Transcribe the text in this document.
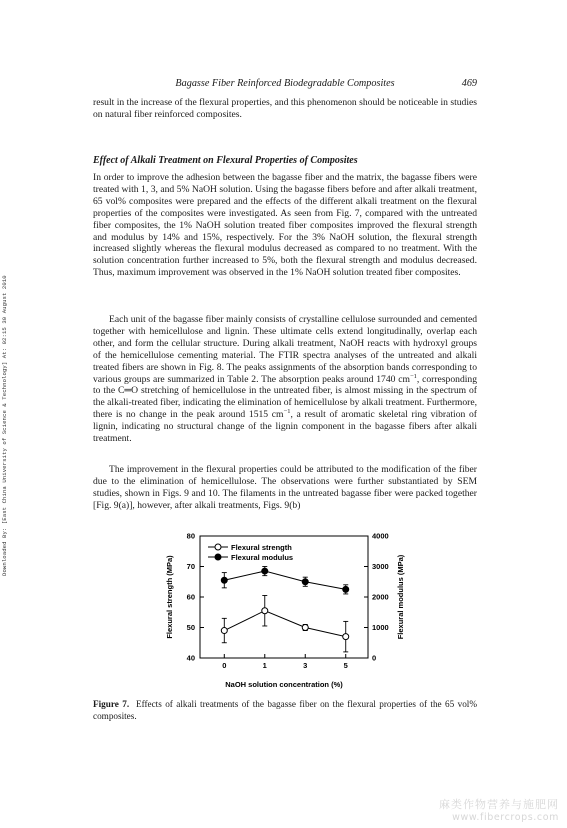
Downloaded By: [East China University of Science & Technology] At: 02:15 30 August 2010
Bagasse Fiber Reinforced Biodegradable Composites	469

result in the increase of the flexural properties, and this phenomenon should be noticeable in studies on natural fiber reinforced composites.

Effect of Alkali Treatment on Flexural Properties of Composites

In order to improve the adhesion between the bagasse fiber and the matrix, the bagasse fibers were treated with 1, 3, and 5% NaOH solution. Using the bagasse fibers before and after alkali treatment, 65 vol% composites were prepared and the effects of the different alkali treatment on the flexural properties of the composites were investigated. As seen from Fig. 7, compared with the untreated fiber composites, the 1% NaOH solution treated fiber composites improved the flexural strength and modulus by 14% and 15%, respectively. For the 3% NaOH solution, the flexural strength increased slightly whereas the flexural modulus decreased as compared to no treatment. With the solution concentration further increased to 5%, both the flexural strength and modulus decreased. Thus, maximum improvement was observed in the 1% NaOH solution treated fiber composites.

Each unit of the bagasse fiber mainly consists of crystalline cellulose surrounded and cemented together with hemicellulose and lignin. These ultimate cells extend longitudinally, overlap each other, and form the cellular structure. During alkali treatment, NaOH reacts with hydroxyl groups of the hemicellulose cementing material. The FTIR spectra analyses of the untreated and alkali treated fibers are shown in Fig. 8. The peaks assignments of the absorption bands corresponding to various groups are summarized in Table 2. The absorption peaks around 1740 $cm^{-1}$, corresponding to the C═O stretching of hemicellulose in the untreated fiber, is almost missing in the spectrum of the alkali-treated fiber, indicating the elimination of hemicellulose by alkali treatment. Furthermore, there is no change in the peak around 1515 $cm^{-1}$, a result of aromatic skeletal ring vibration of lignin, indicating no structural change of the lignin component in the bagasse fibers after alkali treatment.

The improvement in the flexural properties could be attributed to the modification of the fiber due to the elimination of hemicellulose. The observations were further substantiated by SEM studies, shown in Figs. 9 and 10. The filaments in the untreated bagasse fiber were packed together [Fig. 9(a)], however, after alkali treatments, Figs. 9(b)

40
50
60
70
80
0
1000
2000
3000
4000
0	1	3	5
Flexural strength
Flexural modulus
Flexural strength (MPa)	Flexural modulus (MPa)
NaOH solution concentration (%)
Figure 7. Effects of alkali treatments of the bagasse fiber on the flexural properties of the 65 vol% composites.
麻类作物营养与施肥网
www.fibercrops.com
